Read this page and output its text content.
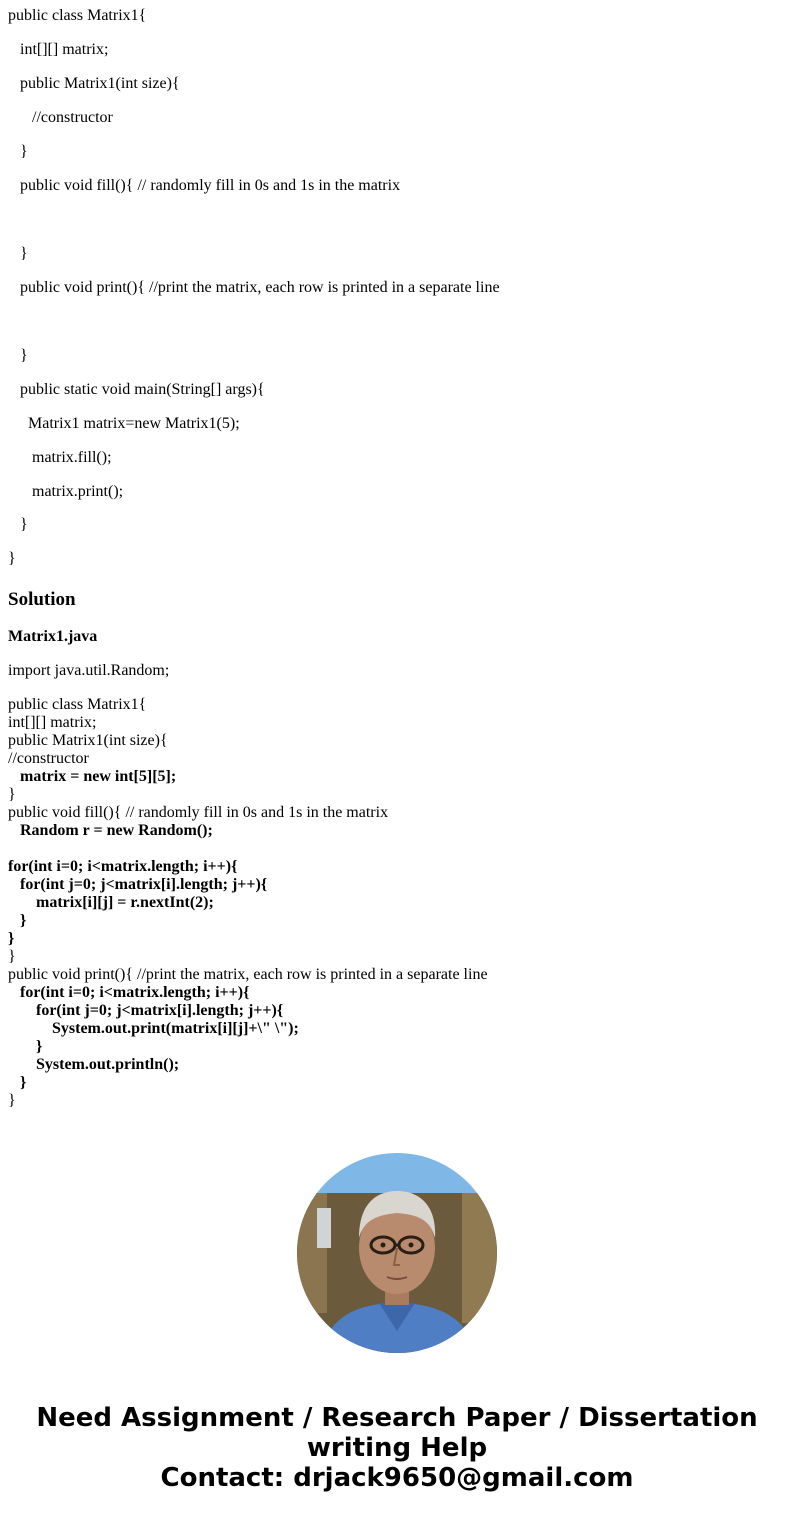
public class Matrix1{
int[][] matrix;
public Matrix1(int size){
//constructor
}
public void fill(){ // randomly fill in 0s and 1s in the matrix
}
public void print(){ //print the matrix, each row is printed in a separate line
}
public static void main(String[] args){
Matrix1 matrix=new Matrix1(5);
matrix.fill();
matrix.print();
}
}
Solution
Matrix1.java
import java.util.Random;
public class Matrix1{
int[][] matrix;
public Matrix1(int size){
//constructor
matrix = new int[5][5];
}
public void fill(){ // randomly fill in 0s and 1s in the matrix
Random r = new Random();
for(int i=0; i<matrix.length; i++){
for(int j=0; j<matrix[i].length; j++){
matrix[i][j] = r.nextInt(2);
}
}
}
public void print(){ //print the matrix, each row is printed in a separate line
for(int i=0; i<matrix.length; i++){
for(int j=0; j<matrix[i].length; j++){
System.out.print(matrix[i][j]+\" \");
}
System.out.println();
}
}
Need Assignment / Research Paper / Dissertation
writing Help
Contact: drjack9650@gmail.com
